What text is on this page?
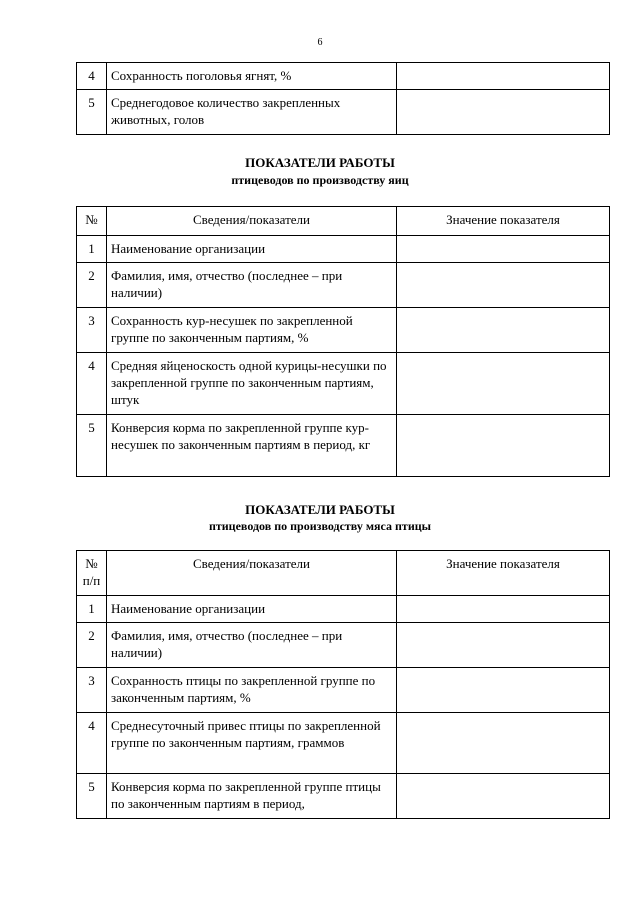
6
4	Сохранность поголовья ягнят, %	
5	Среднегодовое количество закрепленных животных, голов	
ПОКАЗАТЕЛИ РАБОТЫ
птицеводов по производству яиц
№	Сведения/показатели	Значение показателя
1	Наименование организации	
2	Фамилия, имя, отчество (последнее – при наличии)	
3	Сохранность кур-несушек по закрепленной группе по законченным партиям, %	
4	Средняя яйценоскость одной курицы-несушки по закрепленной группе по законченным партиям, штук	
5	Конверсия корма по закрепленной группе кур-несушек по законченным партиям в период, кг	
ПОКАЗАТЕЛИ РАБОТЫ
птицеводов по производству мяса птицы
№ п/п	Сведения/показатели	Значение показателя
1	Наименование организации	
2	Фамилия, имя, отчество (последнее – при наличии)	
3	Сохранность птицы по закрепленной группе по законченным партиям, %	
4	Среднесуточный привес птицы по закрепленной группе по законченным партиям, граммов	
5	Конверсия корма по закрепленной группе птицы по законченным партиям в период,	
